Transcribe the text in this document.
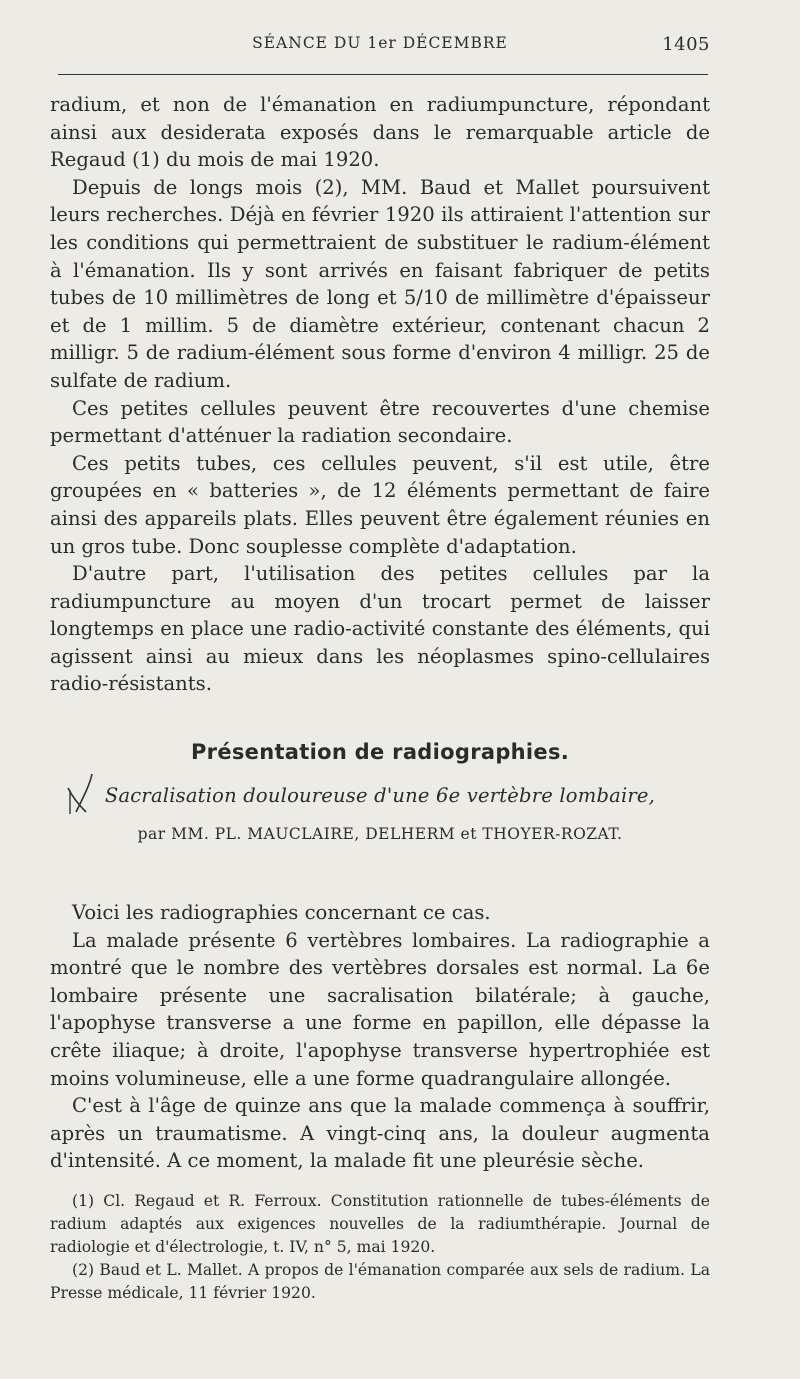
SÉANCE DU 1er DÉCEMBRE	1405

radium, et non de l'émanation en radiumpuncture, répondant ainsi aux desiderata exposés dans le remarquable article de Regaud (1) du mois de mai 1920.

Depuis de longs mois (2), MM. Baud et Mallet poursuivent leurs recherches. Déjà en février 1920 ils attiraient l'attention sur les conditions qui permettraient de substituer le radium-élément à l'émanation. Ils y sont arrivés en faisant fabriquer de petits tubes de 10 millimètres de long et 5/10 de millimètre d'épaisseur et de 1 millim. 5 de diamètre extérieur, contenant chacun 2 milligr. 5 de radium-élément sous forme d'environ 4 milligr. 25 de sulfate de radium.

Ces petites cellules peuvent être recouvertes d'une chemise permettant d'atténuer la radiation secondaire.

Ces petits tubes, ces cellules peuvent, s'il est utile, être groupées en « batteries », de 12 éléments permettant de faire ainsi des appareils plats. Elles peuvent être également réunies en un gros tube. Donc souplesse complète d'adaptation.

D'autre part, l'utilisation des petites cellules par la radiumpuncture au moyen d'un trocart permet de laisser longtemps en place une radio-activité constante des éléments, qui agissent ainsi au mieux dans les néoplasmes spino-cellulaires radio-résistants.

Présentation de radiographies.
Sacralisation douloureuse d'une 6e vertèbre lombaire,
par MM. PL. MAUCLAIRE, DELHERM et THOYER-ROZAT.

Voici les radiographies concernant ce cas.

La malade présente 6 vertèbres lombaires. La radiographie a montré que le nombre des vertèbres dorsales est normal. La 6e lombaire présente une sacralisation bilatérale; à gauche, l'apophyse transverse a une forme en papillon, elle dépasse la crête iliaque; à droite, l'apophyse transverse hypertrophiée est moins volumineuse, elle a une forme quadrangulaire allongée.

C'est à l'âge de quinze ans que la malade commença à souffrir, après un traumatisme. A vingt-cinq ans, la douleur augmenta d'intensité. A ce moment, la malade fit une pleurésie sèche.

(1) Cl. Regaud et R. Ferroux. Constitution rationnelle de tubes-éléments de radium adaptés aux exigences nouvelles de la radiumthérapie. Journal de radiologie et d'électrologie, t. IV, n° 5, mai 1920.

(2) Baud et L. Mallet. A propos de l'émanation comparée aux sels de radium. La Presse médicale, 11 février 1920.
